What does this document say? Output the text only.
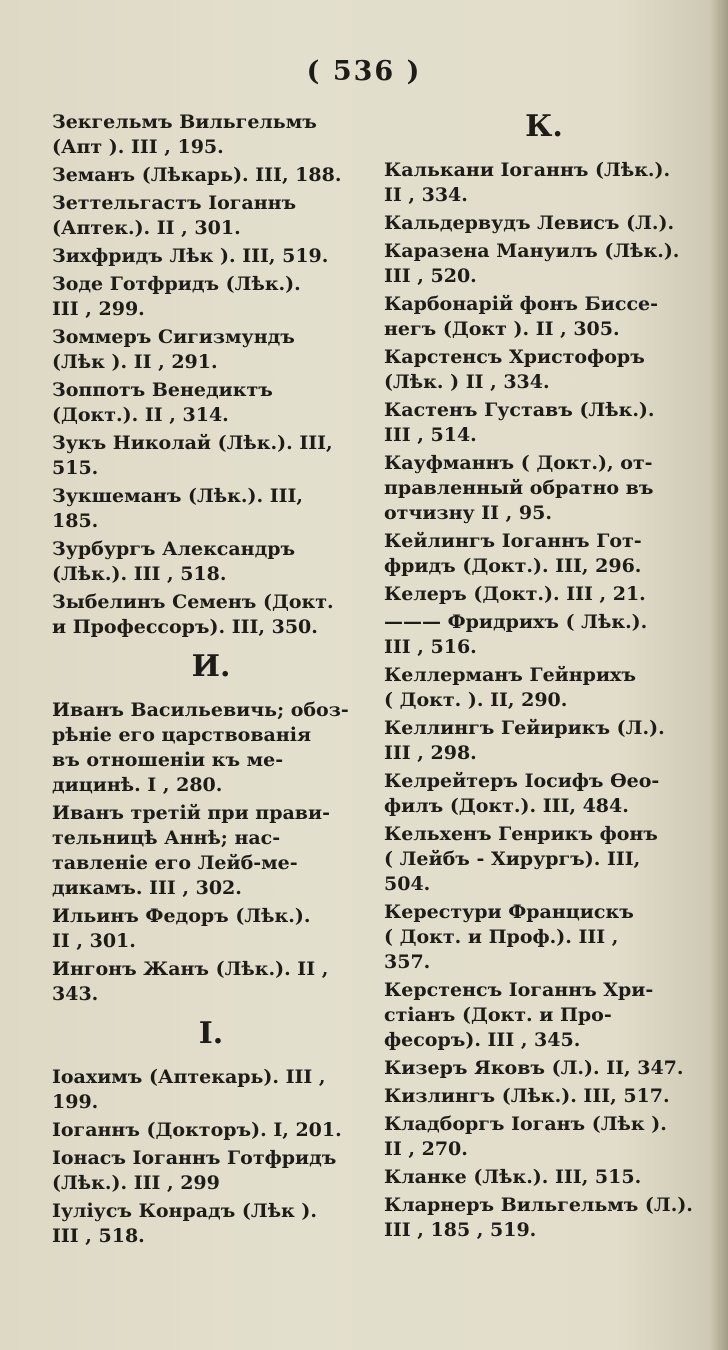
( 536 )
Зекгельмъ Вильгельмъ
(Апт ). III , 195.
Земанъ (Лѣкарь). III, 188.
Зеттельгастъ Іоганнъ
(Аптек.). II , 301.
Зихфридъ Лѣк ). III, 519.
Зоде Готфридъ (Лѣк.).
III , 299.
Зоммеръ Сигизмундъ
(Лѣк ). II , 291.
Зоппотъ Венедиктъ
(Докт.). II , 314.
Зукъ Николай (Лѣк.). III,
515.
Зукшеманъ (Лѣк.). III,
185.
Зурбургъ Александръ
(Лѣк.). III , 518.
Зыбелинъ Семенъ (Докт.
и Профессоръ). III, 350.
И.
Иванъ Васильевичь; обоз-
рѣніе его царствованія
въ отношеніи къ ме-
дицинѣ. I , 280.
Иванъ третій при прави-
тельницѣ Аннѣ; нас-
тавленіе его Лейб-ме-
дикамъ. III , 302.
Ильинъ Федоръ (Лѣк.).
II , 301.
Ингонъ Жанъ (Лѣк.). II ,
343.
I.
Іоахимъ (Аптекарь). III ,
199.
Іоганнъ (Докторъ). I, 201.
Іонасъ Іоганнъ Готфридъ
(Лѣк.). III , 299
Іулiусъ Конрадъ (Лѣк ).
III , 518.
К.
Калькани Іоганнъ (Лѣк.).
II , 334.
Кальдервудъ Левисъ (Л.).
Каразена Мануилъ (Лѣк.).
III , 520.
Карбонарій фонъ Биссе-
негъ (Докт ). II , 305.
Карстенсъ Христофоръ
(Лѣк. ) II , 334.
Кастенъ Густавъ (Лѣк.).
III , 514.
Кауфманнъ ( Докт.), от-
правленный обратно въ
отчизну II , 95.
Кейлингъ Іоганнъ Гот-
фридъ (Докт.). III, 296.
Келеръ (Докт.). III , 21.
——— Фридрихъ ( Лѣк.).
III , 516.
Келлерманъ Гейнрихъ
( Докт. ). II, 290.
Келлингъ Гейирикъ (Л.).
III , 298.
Келрейтеръ Іосифъ Ѳео-
филъ (Докт.). III, 484.
Кельхенъ Генрикъ фонъ
( Лейбъ - Хирургъ). III,
504.
Керестури Францискъ
( Докт. и Проф.). III ,
357.
Керстенсъ Іоганнъ Хри-
стіанъ (Докт. и Про-
фесоръ). III , 345.
Кизеръ Яковъ (Л.). II, 347.
Кизлингъ (Лѣк.). III, 517.
Кладборгъ Іоганъ (Лѣк ).
II , 270.
Кланке (Лѣк.). III, 515.
Кларнеръ Вильгельмъ (Л.).
III , 185 , 519.
